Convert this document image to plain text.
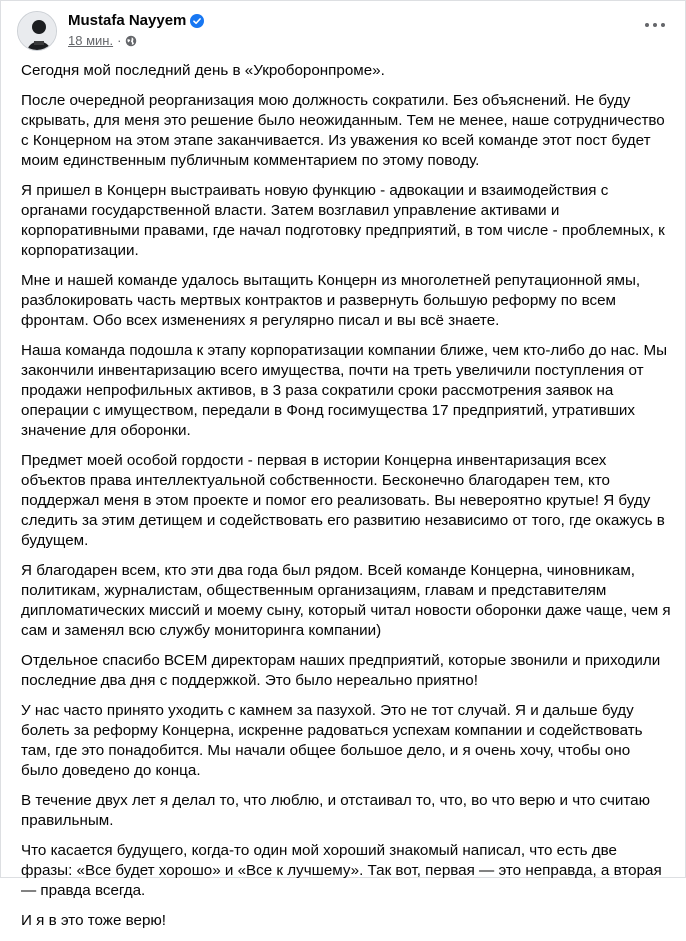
Mustafa Nayyem
18 мин. ·

Сегодня мой последний день в «Укроборонпроме».

После очередной реорганизация мою должность сократили. Без объяснений. Не буду скрывать, для меня это решение было неожиданным. Тем не менее, наше сотрудничество с Концерном на этом этапе заканчивается. Из уважения ко всей команде этот пост будет моим единственным публичным комментарием по этому поводу.

Я пришел в Концерн выстраивать новую функцию - адвокации и взаимодействия с органами государственной власти. Затем возглавил управление активами и корпоративными правами, где начал подготовку предприятий, в том числе - проблемных, к корпоратизации.

Мне и нашей команде удалось вытащить Концерн из многолетней репутационной ямы, разблокировать часть мертвых контрактов и развернуть большую реформу по всем фронтам. Обо всех изменениях я регулярно писал и вы всё знаете.

Наша команда подошла к этапу корпоратизации компании ближе, чем кто-либо до нас. Мы закончили инвентаризацию всего имущества, почти на треть увеличили поступления от продажи непрофильных активов, в 3 раза сократили сроки рассмотрения заявок на операции с имуществом, передали в Фонд госимущества 17 предприятий, утративших значение для оборонки.

Предмет моей особой гордости - первая в истории Концерна инвентаризация всех объектов права интеллектуальной собственности. Бесконечно благодарен тем, кто поддержал меня в этом проекте и помог его реализовать. Вы невероятно крутые! Я буду следить за этим детищем и содействовать его развитию независимо от того, где окажусь в будущем.

Я благодарен всем, кто эти два года был рядом. Всей команде Концерна, чиновникам, политикам, журналистам, общественным организациям, главам и представителям дипломатических миссий и моему сыну, который читал новости оборонки даже чаще, чем я сам и заменял всю службу мониторинга компании)

Отдельное спасибо ВСЕМ директорам наших предприятий, которые звонили и приходили последние два дня с поддержкой. Это было нереально приятно!

У нас часто принято уходить с камнем за пазухой. Это не тот случай. Я и дальше буду болеть за реформу Концерна, искренне радоваться успехам компании и содействовать там, где это понадобится. Мы начали общее большое дело, и я очень хочу, чтобы оно было доведено до конца.

В течение двух лет я делал то, что люблю, и отстаивал то, что, во что верю и что считаю правильным.

Что касается будущего, когда-то один мой хороший знакомый написал, что есть две фразы: «Все будет хорошо» и «Все к лучшему». Так вот, первая — это неправда, а вторая — правда всегда.

И я в это тоже верю!
